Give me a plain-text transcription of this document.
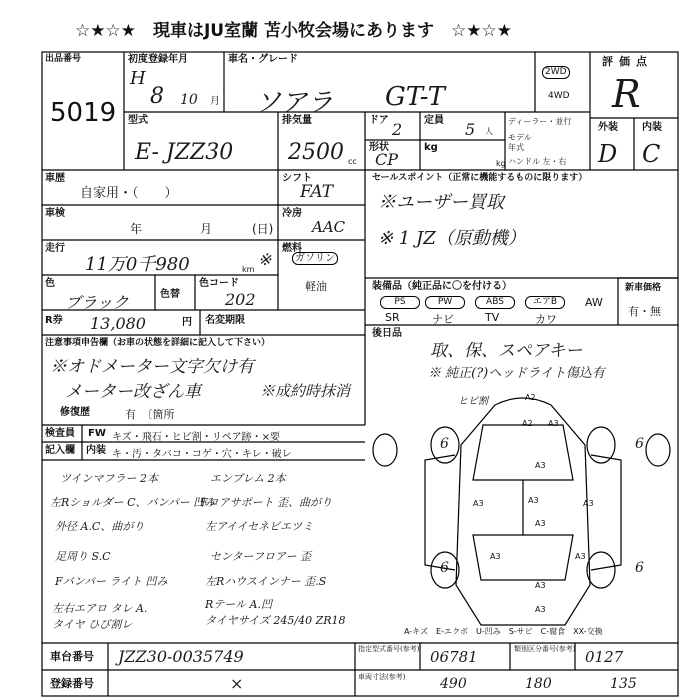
☆★☆★　現車はJU室蘭 苫小牧会場にあります　☆★☆★
出品番号
5019
初度登録年月
H
8 10 月
車名・グレード
ソアラ GT-T
2WD
4WD
評価点
R
外装 内装
D C
型式
E- JZZ30
排気量
2500 cc
ドア 2 定員 5 人
形状
CP
kg
kg
ディーラー・並行
モデル
年式
ハンドル 左・右
車歴
自家用・（　　）
シフト
FAT
車検
年	月	(日)
冷房
AAC
走行
11万0千980	km
※
燃料
ガソリン
軽油
色
ブラック	色替
色コード
202
セールスポイント（正常に機能するものに限ります）
※ユーザー買取
※ 1 JZ（原動機）
R券 13,080	円 名変期限
装備品（純正品に〇を付ける）
PS	PW	ABS	エアB	AW
SR	ナビ	TV	カワ
新車価格
有・無
後日品
取、保、スペアキー
注意事項申告欄（お車の状態を詳細に記入して下さい）
※オドメーター文字欠け有
メーター改ざん車	※成約時抹消
修復歴	有　〔箇所
※ 純正(?)ヘッドライト傷込有
検査員 FW キズ・飛石・ヒビ割・リペア跡・×要
記入欄 内装 キ・汚・タバコ・コゲ・穴・キレ・破レ
ツインマフラー 2本	エンブレム 2本
左Rショルダー C、バンパー 凹み
Fロアサポート 歪、曲がり
外径 A.C、曲がり	左アイイセネビエツミ
足周り S.C	センターフロアー 歪
Fバンパー ライト 凹み	左Rハウスインナー 歪.S
左右エアロ タレ A.	Rテール A.凹
タイヤ ひび割レ	タイヤサイズ 245/40 ZR18
A2
A2 A3
A3
A3
A3	A3
A3
A3	A3
A3
A3
6	6
6	6
ヒビ割
A-キズ　E-エクボ　U-凹み　S-サビ　C-腐食　XX-交換
車台番号 JZZ30-0035749
登録番号	×
指定型式番号(参考) 06781	類別区分番号(参考) 0127
車両寸法(参考) 490	180	135
